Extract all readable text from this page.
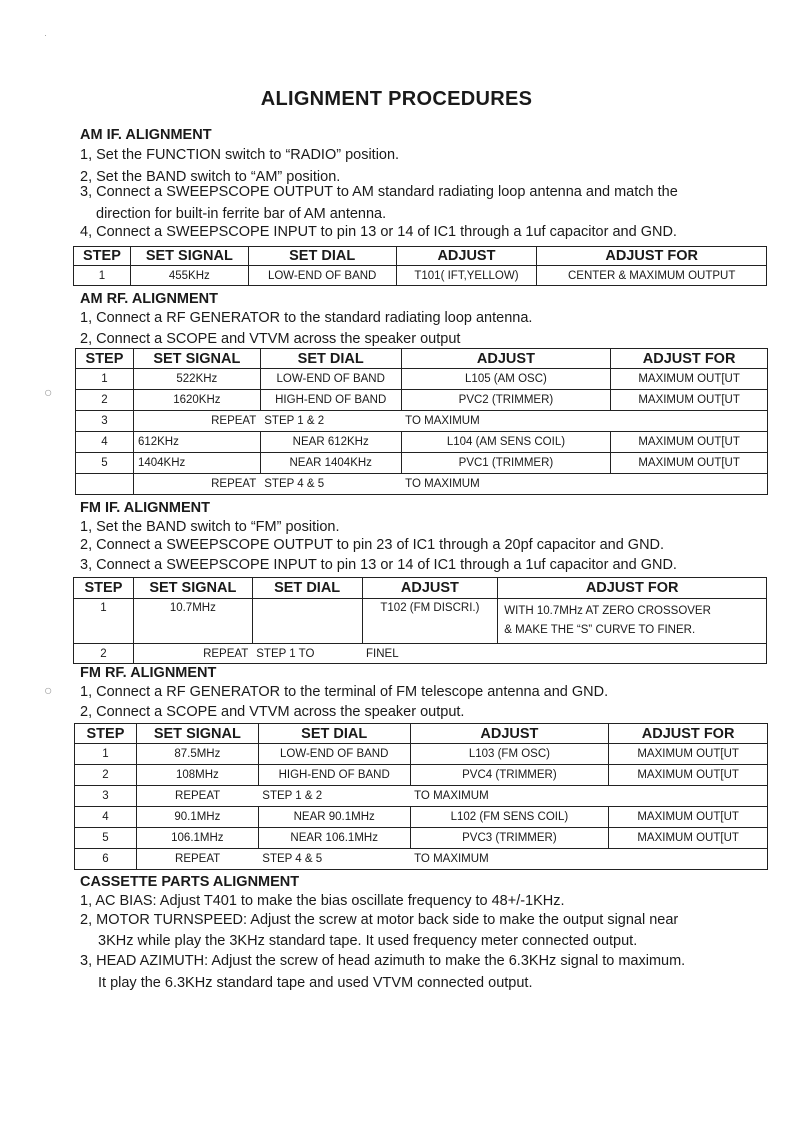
·
○
○
ALIGNMENT PROCEDURES
AM IF. ALIGNMENT
1, Set the FUNCTION switch to “RADIO” position.
2, Set the BAND switch to “AM” position.
3, Connect a SWEEPSCOPE OUTPUT to AM standard radiating loop antenna and match the
direction for built-in ferrite bar of AM antenna.
4, Connect a SWEEPSCOPE INPUT to pin 13 or 14 of IC1 through a 1uf capacitor and GND.
STEP	SET SIGNAL	SET DIAL	ADJUST	ADJUST FOR
1	455KHz	LOW-END OF BAND	T101( IFT,YELLOW)	CENTER & MAXIMUM OUTPUT
AM RF. ALIGNMENT
1, Connect a RF GENERATOR to the standard radiating loop antenna.
2, Connect a SCOPE and VTVM across the speaker output
STEP	SET SIGNAL	SET DIAL	ADJUST	ADJUST FOR
1	522KHz	LOW-END OF BAND	L105 (AM OSC)	MAXIMUM OUT[UT
2	1620KHz	HIGH-END OF BAND	PVC2 (TRIMMER)	MAXIMUM OUT[UT
3	REPEAT	STEP 1 & 2	TO MAXIMUM	
4	612KHz	NEAR 612KHz	L104 (AM SENS COIL)	MAXIMUM OUT[UT
5	1404KHz	NEAR 1404KHz	PVC1 (TRIMMER)	MAXIMUM OUT[UT
	REPEAT	STEP 4 & 5	TO MAXIMUM	
FM IF. ALIGNMENT
1, Set the BAND switch to “FM” position.
2, Connect a SWEEPSCOPE OUTPUT to pin 23 of IC1 through a 20pf capacitor and GND.
3, Connect a SWEEPSCOPE INPUT to pin 13 or 14 of IC1 through a 1uf capacitor and GND.
STEP	SET SIGNAL	SET DIAL	ADJUST	ADJUST FOR
1	10.7MHz		T102 (FM DISCRI.)	WITH 10.7MHz AT ZERO CROSSOVER
& MAKE THE “S” CURVE TO FINER.

2	REPEAT	STEP 1 TO	FINEL	
FM RF. ALIGNMENT
1, Connect a RF GENERATOR to the terminal of FM telescope antenna and GND.
2, Connect a SCOPE and VTVM across the speaker output.
STEP	SET SIGNAL	SET DIAL	ADJUST	ADJUST FOR
1	87.5MHz	LOW-END OF BAND	L103 (FM OSC)	MAXIMUM OUT[UT
2	108MHz	HIGH-END OF BAND	PVC4 (TRIMMER)	MAXIMUM OUT[UT
3	REPEAT	STEP 1 & 2	TO MAXIMUM	
4	90.1MHz	NEAR 90.1MHz	L102 (FM SENS COIL)	MAXIMUM OUT[UT
5	106.1MHz	NEAR 106.1MHz	PVC3 (TRIMMER)	MAXIMUM OUT[UT
6	REPEAT	STEP 4 & 5	TO MAXIMUM	
CASSETTE PARTS ALIGNMENT
1, AC BIAS: Adjust T401 to make the bias oscillate frequency to 48+/-1KHz.
2, MOTOR TURNSPEED: Adjust the screw at motor back side to make the output signal near
3KHz while play the 3KHz standard tape. It used frequency meter connected output.
3, HEAD AZIMUTH: Adjust the screw of head azimuth to make the 6.3KHz signal to maximum.
It play the 6.3KHz standard tape and used VTVM connected output.
